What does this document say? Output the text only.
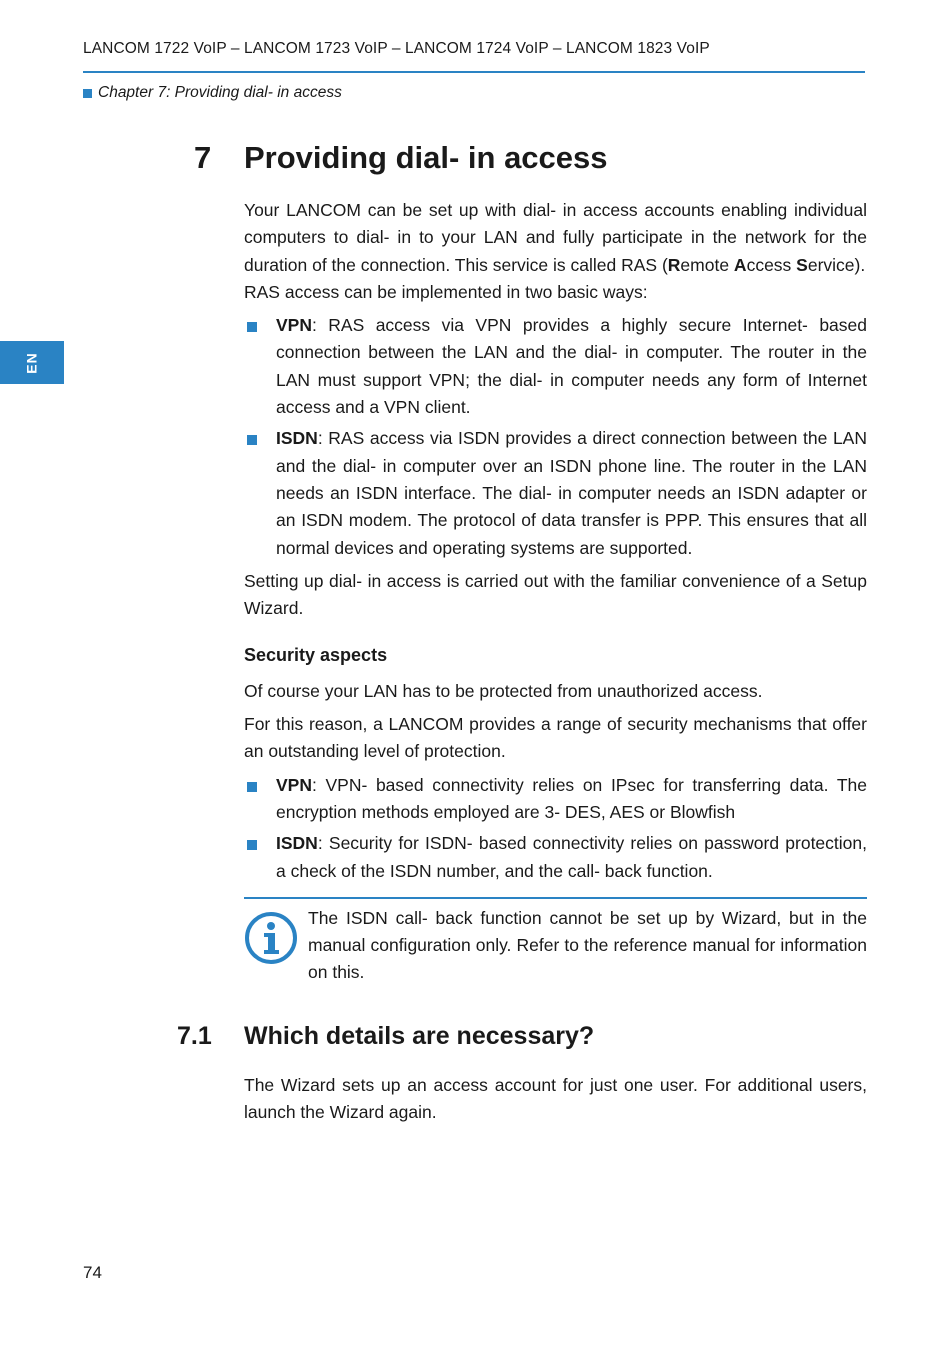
LANCOM 1722 VoIP – LANCOM 1723 VoIP – LANCOM 1724 VoIP – LANCOM 1823 VoIP
Chapter 7: Providing dial- in access
EN
7 Providing dial- in access

Your LANCOM can be set up with dial- in access accounts enabling individual computers to dial- in to your LAN and fully participate in the network for the duration of the connection. This service is called RAS (Remote Access Service).
RAS access can be implemented in two basic ways:

VPN: RAS access via VPN provides a highly secure Internet- based connection between the LAN and the dial- in computer. The router in the LAN must support VPN; the dial- in computer needs any form of Internet access and a VPN client.
ISDN: RAS access via ISDN provides a direct connection between the LAN and the dial- in computer over an ISDN phone line. The router in the LAN needs an ISDN interface. The dial- in computer needs an ISDN adapter or an ISDN modem. The protocol of data transfer is PPP. This ensures that all normal devices and operating systems are supported.

Setting up dial- in access is carried out with the familiar convenience of a Setup Wizard.

Security aspects

Of course your LAN has to be protected from unauthorized access.

For this reason, a LANCOM provides a range of security mechanisms that offer an outstanding level of protection.

VPN: VPN- based connectivity relies on IPsec for transferring data. The encryption methods employed are 3- DES, AES or Blowfish
ISDN: Security for ISDN- based connectivity relies on password protection, a check of the ISDN number, and the call- back function.

The ISDN call- back function cannot be set up by Wizard, but in the manual configuration only. Refer to the reference manual for information on this.

7.1 Which details are necessary?

The Wizard sets up an access account for just one user. For additional users, launch the Wizard again.

74
